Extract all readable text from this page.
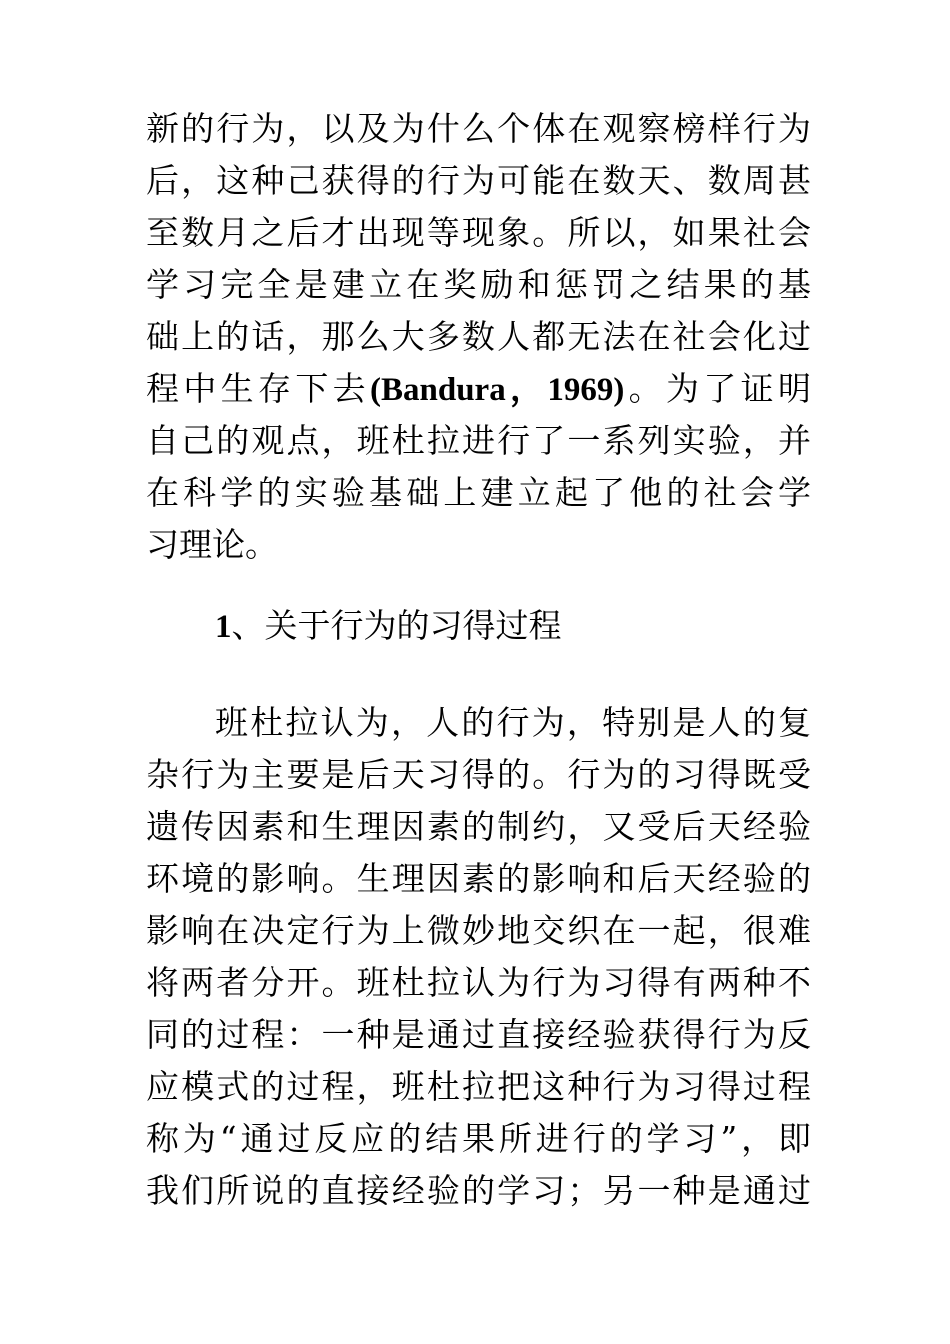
新的行为，以及为什么个体在观察榜样行为
后，这种己获得的行为可能在数天、数周甚
至数月之后才出现等现象。所以，如果社会
学习完全是建立在奖励和惩罚之结果的基
础上的话，那么大多数人都无法在社会化过
程中生存下去(Bandura，1969)。为了证明
自己的观点，班杜拉进行了一系列实验，并
在科学的实验基础上建立起了他的社会学
习理论。
1、关于行为的习得过程
班杜拉认为，人的行为，特别是人的复
杂行为主要是后天习得的。行为的习得既受
遗传因素和生理因素的制约，又受后天经验
环境的影响。生理因素的影响和后天经验的
影响在决定行为上微妙地交织在一起，很难
将两者分开。班杜拉认为行为习得有两种不
同的过程：一种是通过直接经验获得行为反
应模式的过程，班杜拉把这种行为习得过程
称为“通过反应的结果所进行的学习”，即
我们所说的直接经验的学习；另一种是通过
